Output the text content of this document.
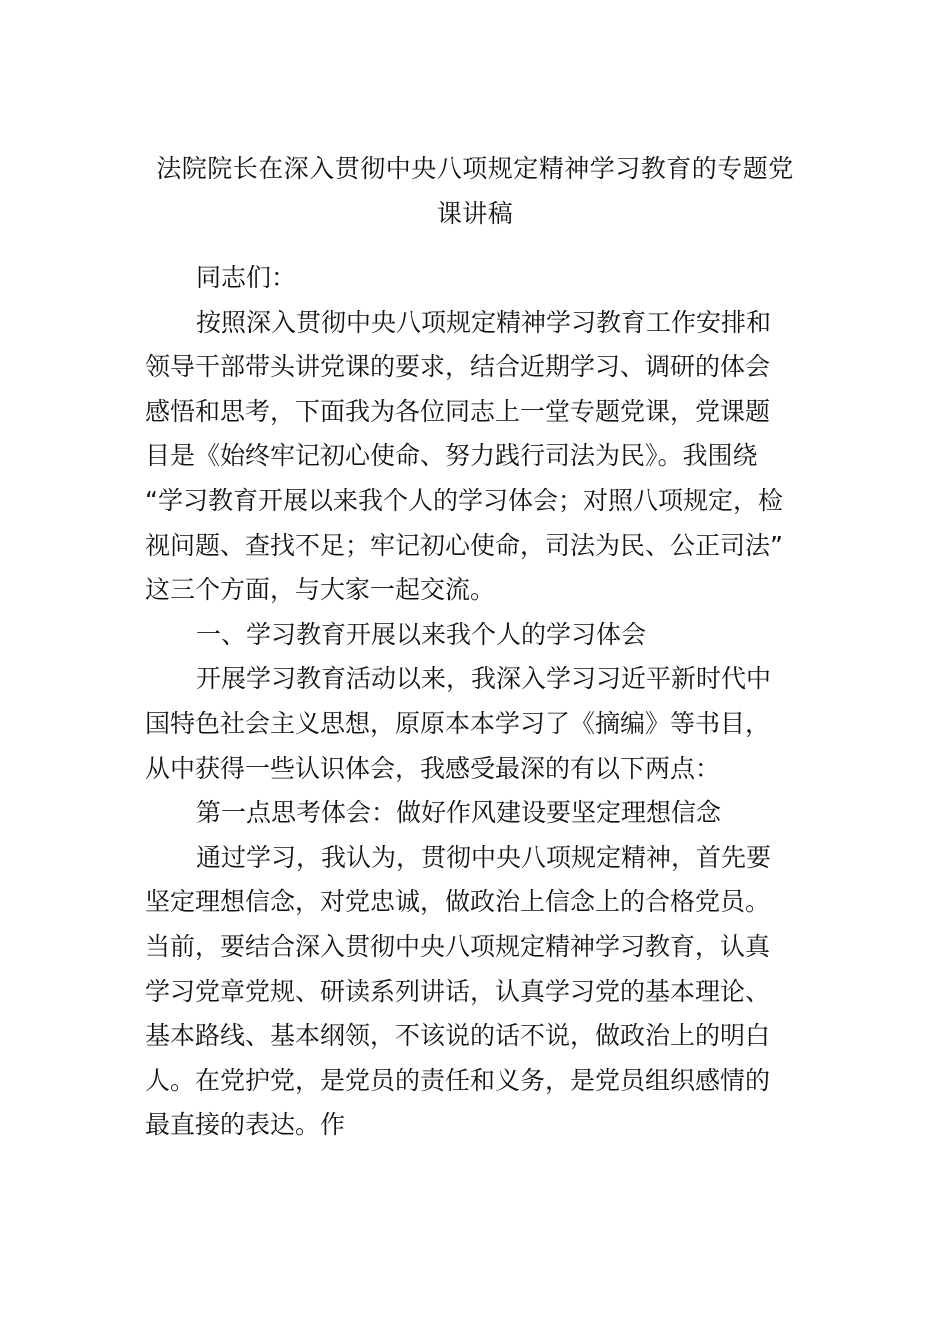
法院院长在深入贯彻中央八项规定精神学习教育的专题党
课讲稿
同志们：
按照深入贯彻中央八项规定精神学习教育工作安排和
领导干部带头讲党课的要求，结合近期学习、调研的体会
感悟和思考，下面我为各位同志上一堂专题党课，党课题
目是《始终牢记初心使命、努力践行司法为民》。我围绕
“学习教育开展以来我个人的学习体会；对照八项规定，检
视问题、查找不足；牢记初心使命，司法为民、公正司法”
这三个方面，与大家一起交流。
一、学习教育开展以来我个人的学习体会
开展学习教育活动以来，我深入学习习近平新时代中
国特色社会主义思想，原原本本学习了《摘编》等书目，
从中获得一些认识体会，我感受最深的有以下两点：
第一点思考体会：做好作风建设要坚定理想信念
通过学习，我认为，贯彻中央八项规定精神，首先要
坚定理想信念，对党忠诚，做政治上信念上的合格党员。
当前，要结合深入贯彻中央八项规定精神学习教育，认真
学习党章党规、研读系列讲话，认真学习党的基本理论、
基本路线、基本纲领，不该说的话不说，做政治上的明白
人。在党护党，是党员的责任和义务，是党员组织感情的
最直接的表达。作
